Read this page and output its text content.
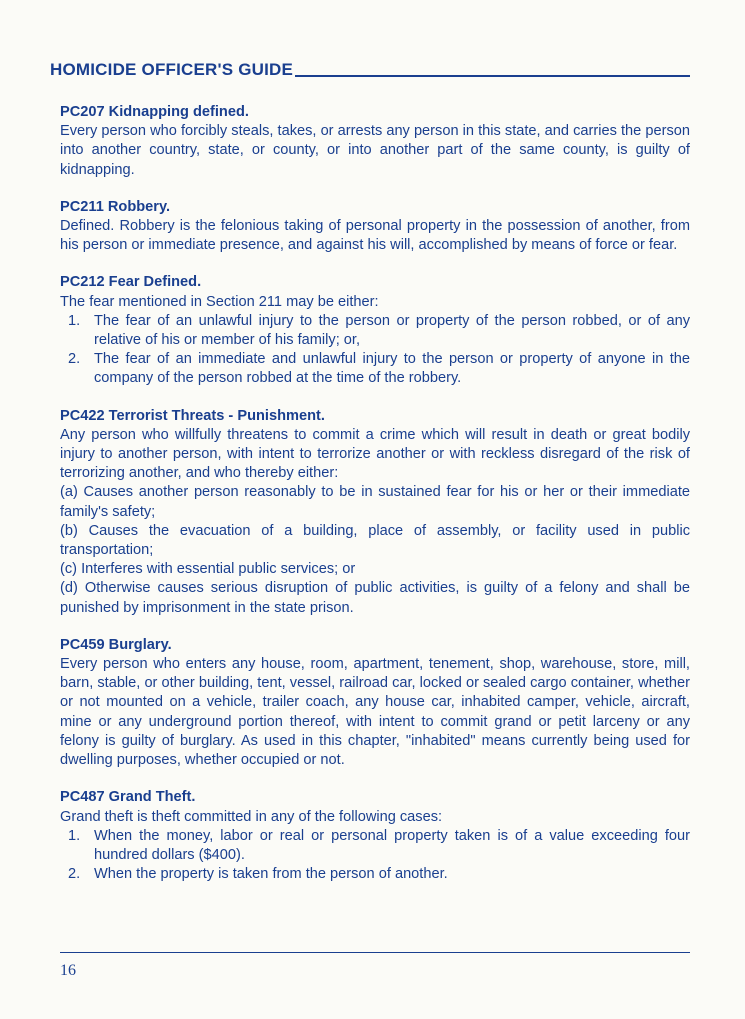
HOMICIDE OFFICER'S GUIDE

PC207 Kidnapping defined.

Every person who forcibly steals, takes, or arrests any person in this state, and carries the person into another country, state, or county, or into another part of the same county, is guilty of kidnapping.

PC211 Robbery.

Defined. Robbery is the felonious taking of personal property in the possession of another, from his person or immediate presence, and against his will, accomplished by means of force or fear.

PC212 Fear Defined.

The fear mentioned in Section 211 may be either:

1. The fear of an unlawful injury to the person or property of the person robbed, or of any relative of his or member of his family; or,
2. The fear of an immediate and unlawful injury to the person or property of anyone in the company of the person robbed at the time of the robbery.

PC422 Terrorist Threats - Punishment.

Any person who willfully threatens to commit a crime which will result in death or great bodily injury to another person, with intent to terrorize another or with reckless disregard of the risk of terrorizing another, and who thereby either:

(a) Causes another person reasonably to be in sustained fear for his or her or their immediate family's safety;

(b) Causes the evacuation of a building, place of assembly, or facility used in public transportation;

(c) Interferes with essential public services; or

(d) Otherwise causes serious disruption of public activities, is guilty of a felony and shall be punished by imprisonment in the state prison.

PC459 Burglary.

Every person who enters any house, room, apartment, tenement, shop, warehouse, store, mill, barn, stable, or other building, tent, vessel, railroad car, locked or sealed cargo container, whether or not mounted on a vehicle, trailer coach, any house car, inhabited camper, vehicle, aircraft, mine or any underground portion thereof, with intent to commit grand or petit larceny or any felony is guilty of burglary. As used in this chapter, "inhabited" means currently being used for dwelling purposes, whether occupied or not.

PC487 Grand Theft.

Grand theft is theft committed in any of the following cases:

1. When the money, labor or real or personal property taken is of a value exceeding four hundred dollars ($400).
2. When the property is taken from the person of another.
16
